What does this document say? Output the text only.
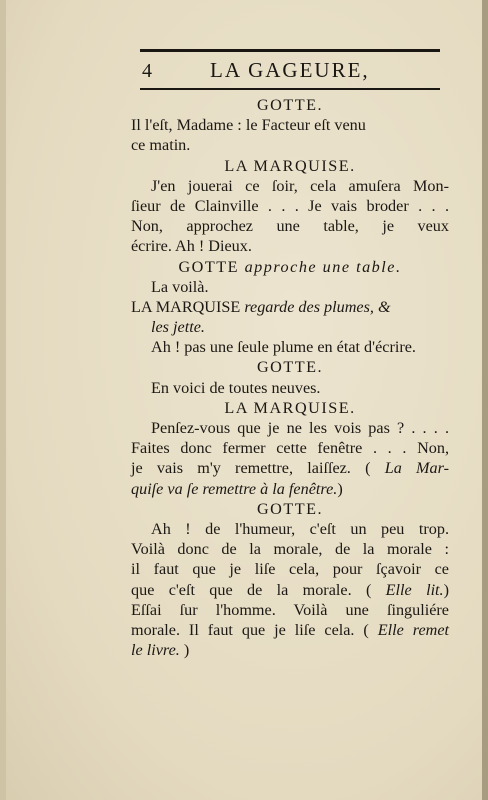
4	LA GAGEURE,
GOTTE.
Il l'eſt, Madame : le Facteur eſt venu
ce matin.
LA MARQUISE.
J'en jouerai ce ſoir, cela amuſera Mon-
ſieur de Clainville . . . Je vais broder . . .
Non, approchez une table, je veux
écrire. Ah ! Dieux.
GOTTE approche une table.
La voilà.
LA MARQUISE regarde des plumes, &
les jette.
Ah ! pas une ſeule plume en état d'écrire.
GOTTE.
En voici de toutes neuves.
LA MARQUISE.
Penſez-vous que je ne les vois pas ? . . . .
Faites donc fermer cette fenêtre . . . Non,
je vais m'y remettre, laiſſez. ( La Mar-
quiſe va ſe remettre à la fenêtre.)
GOTTE.
Ah ! de l'humeur, c'eſt un peu trop.
Voilà donc de la morale, de la morale :
il faut que je liſe cela, pour ſçavoir ce
que c'eſt que de la morale. ( Elle lit.)
Eſſai ſur l'homme. Voilà une ſinguliére
morale. Il faut que je liſe cela. ( Elle remet
le livre. )
